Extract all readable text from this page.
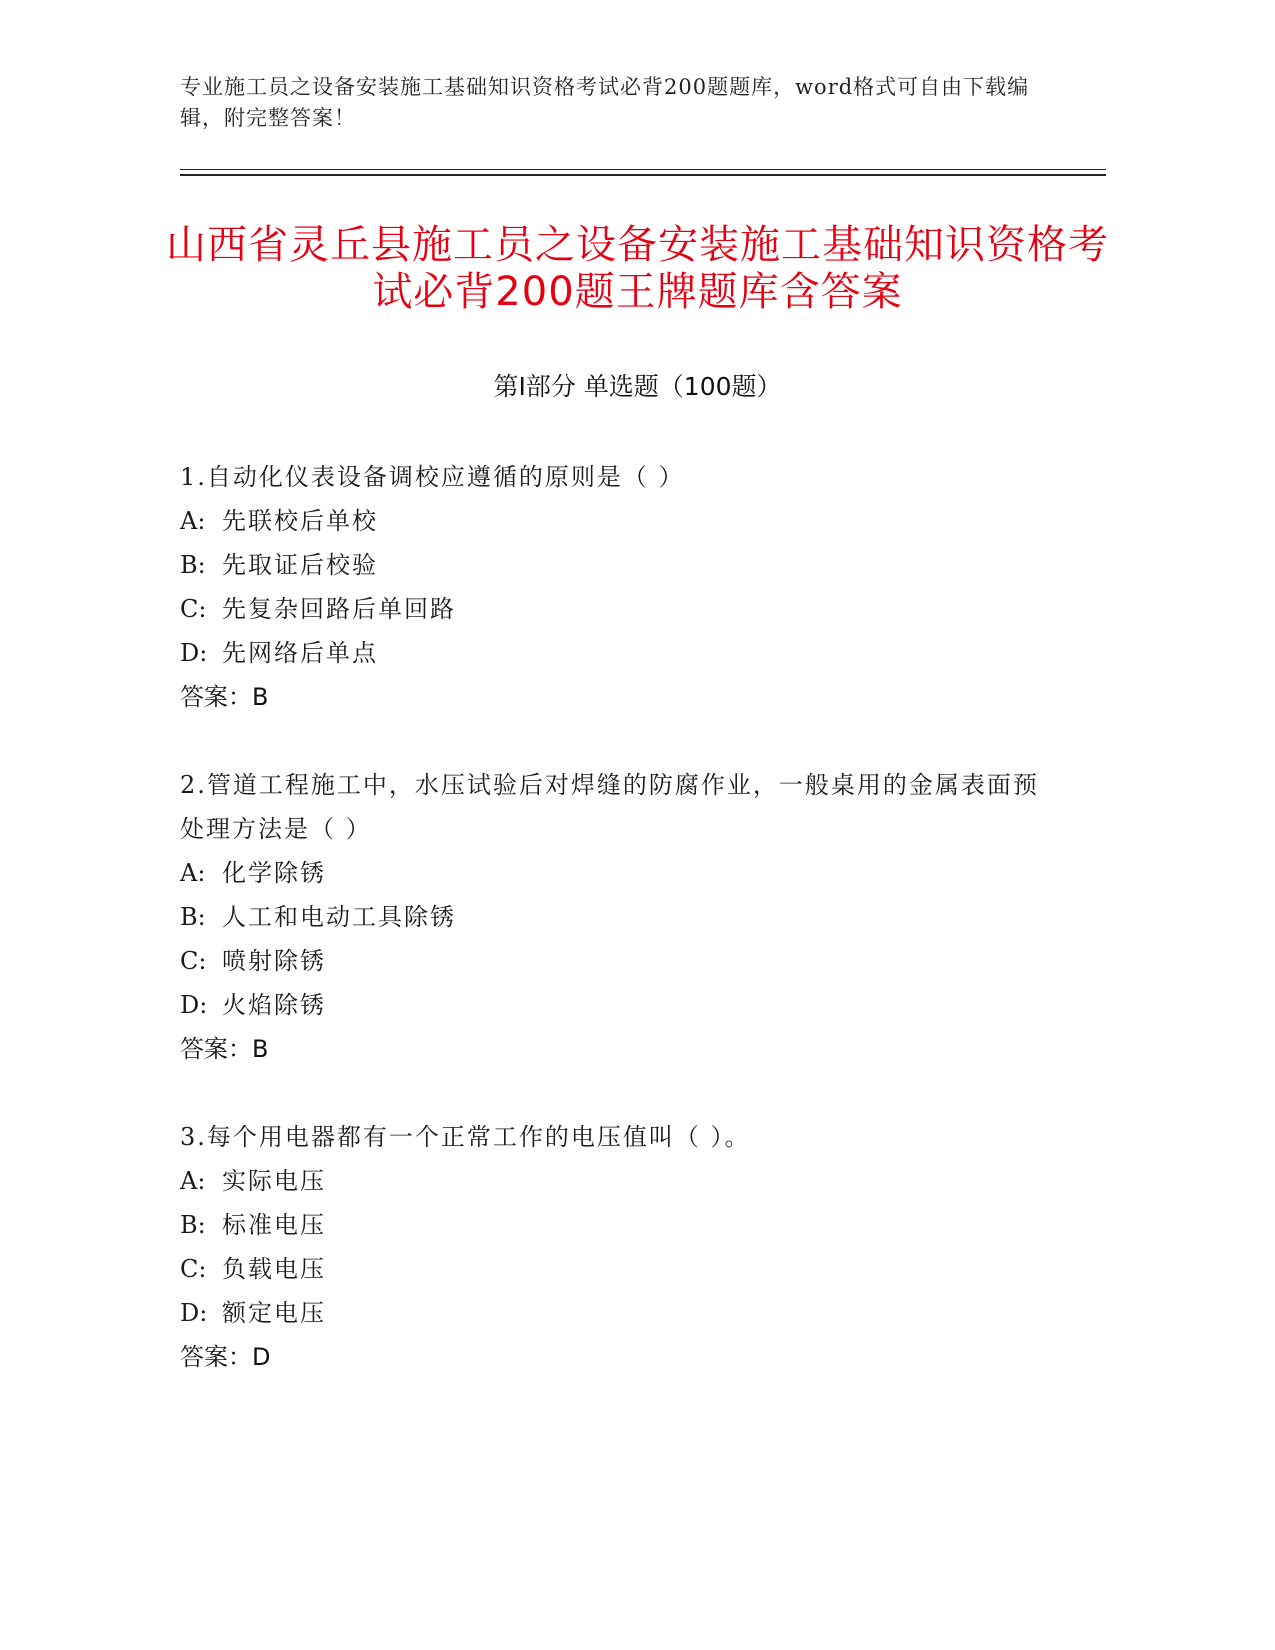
专业施工员之设备安装施工基础知识资格考试必背200题题库，word格式可自由下载编辑，附完整答案！
山西省灵丘县施工员之设备安装施工基础知识资格考试必背200题王牌题库含答案
第Ⅰ部分 单选题（100题）
1.自动化仪表设备调校应遵循的原则是（ ）
A: 先联校后单校
B: 先取证后校验
C: 先复杂回路后单回路
D: 先网络后单点
答案：B
2.管道工程施工中，水压试验后对焊缝的防腐作业，一般桌用的金属表面预处理方法是（ ）
A: 化学除锈
B: 人工和电动工具除锈
C: 喷射除锈
D: 火焰除锈
答案：B
3.每个用电器都有一个正常工作的电压值叫（ ）。
A: 实际电压
B: 标准电压
C: 负载电压
D: 额定电压
答案：D
